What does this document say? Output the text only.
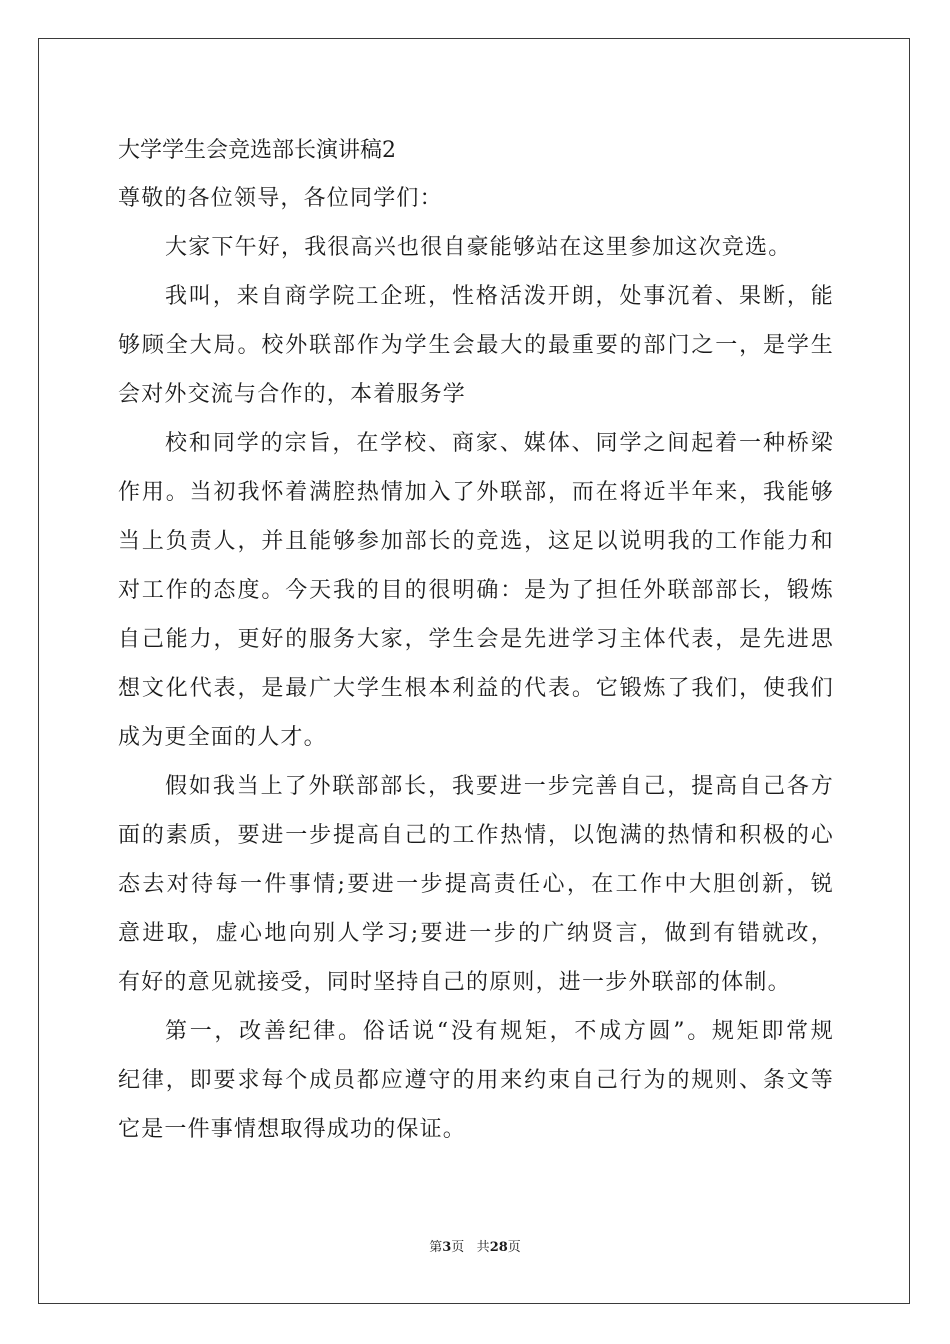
大学学生会竞选部长演讲稿2
尊敬的各位领导，各位同学们：
大家下午好，我很高兴也很自豪能够站在这里参加这次竞选。
我叫，来自商学院工企班，性格活泼开朗，处事沉着、果断，能
够顾全大局。校外联部作为学生会最大的最重要的部门之一，是学生
会对外交流与合作的，本着服务学
校和同学的宗旨，在学校、商家、媒体、同学之间起着一种桥梁
作用。当初我怀着满腔热情加入了外联部，而在将近半年来，我能够
当上负责人，并且能够参加部长的竞选，这足以说明我的工作能力和
对工作的态度。今天我的目的很明确：是为了担任外联部部长，锻炼
自己能力，更好的服务大家，学生会是先进学习主体代表，是先进思
想文化代表，是最广大学生根本利益的代表。它锻炼了我们，使我们
成为更全面的人才。
假如我当上了外联部部长，我要进一步完善自己，提高自己各方
面的素质，要进一步提高自己的工作热情，以饱满的热情和积极的心
态去对待每一件事情;要进一步提高责任心，在工作中大胆创新，锐
意进取，虚心地向别人学习;要进一步的广纳贤言，做到有错就改，
有好的意见就接受，同时坚持自己的原则，进一步外联部的体制。
第一，改善纪律。俗话说“没有规矩，不成方圆”。规矩即常规
纪律，即要求每个成员都应遵守的用来约束自己行为的规则、条文等
它是一件事情想取得成功的保证。
第3页 共28页
